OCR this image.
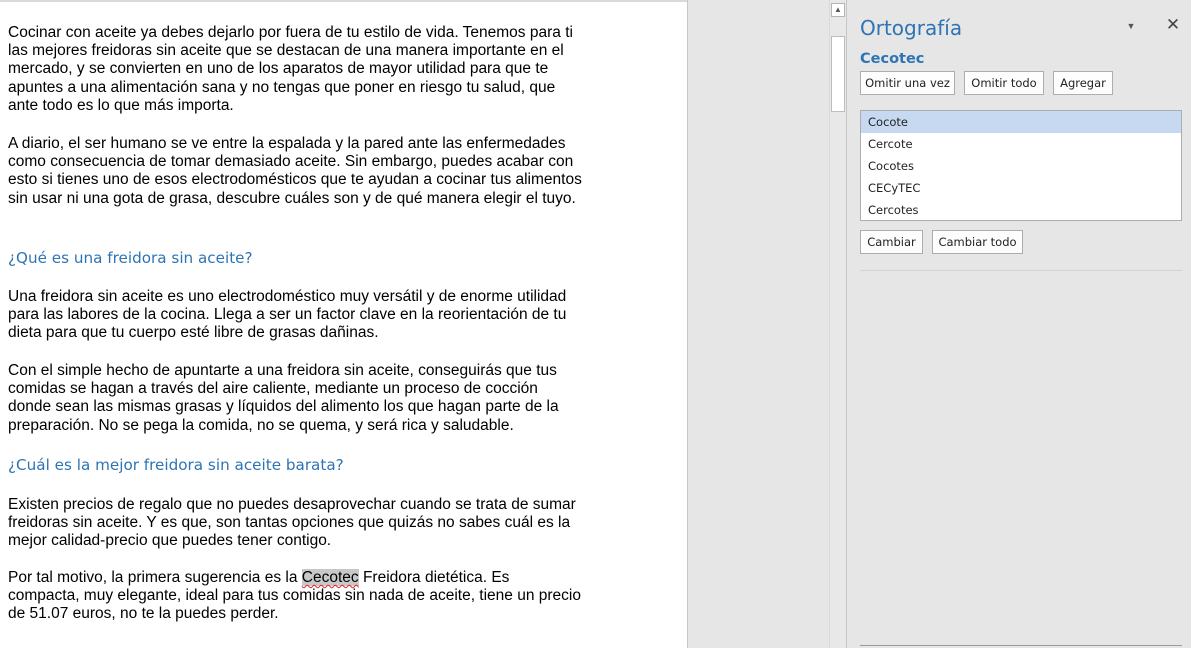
Cocinar con aceite ya debes dejarlo por fuera de tu estilo de vida. Tenemos para ti las mejores freidoras sin aceite que se destacan de una manera importante en el mercado, y se convierten en uno de los aparatos de mayor utilidad para que te apuntes a una alimentación sana y no tengas que poner en riesgo tu salud, que ante todo es lo que más importa.

A diario, el ser humano se ve entre la espalada y la pared ante las enfermedades como consecuencia de tomar demasiado aceite. Sin embargo, puedes acabar con esto si tienes uno de esos electrodomésticos que te ayudan a cocinar tus alimentos sin usar ni una gota de grasa, descubre cuáles son y de qué manera elegir el tuyo.

¿Qué es una freidora sin aceite?

Una freidora sin aceite es uno electrodoméstico muy versátil y de enorme utilidad para las labores de la cocina. Llega a ser un factor clave en la reorientación de tu dieta para que tu cuerpo esté libre de grasas dañinas.

Con el simple hecho de apuntarte a una freidora sin aceite, conseguirás que tus comidas se hagan a través del aire caliente, mediante un proceso de cocción donde sean las mismas grasas y líquidos del alimento los que hagan parte de la preparación. No se pega la comida, no se quema, y será rica y saludable.

¿Cuál es la mejor freidora sin aceite barata?

Existen precios de regalo que no puedes desaprovechar cuando se trata de sumar freidoras sin aceite. Y es que, son tantas opciones que quizás no sabes cuál es la mejor calidad-precio que puedes tener contigo.

Por tal motivo, la primera sugerencia es la Cecotec Freidora dietética. Es compacta, muy elegante, ideal para tus comidas sin nada de aceite, tiene un precio de 51.07 euros, no te la puedes perder.

▲
Ortografía	▼ ✕
Cecotec
Omitir una vez	Omitir todo	Agregar
Cocote
Cercote
Cocotes
CECyTEC
Cercotes
Cambiar	Cambiar todo
